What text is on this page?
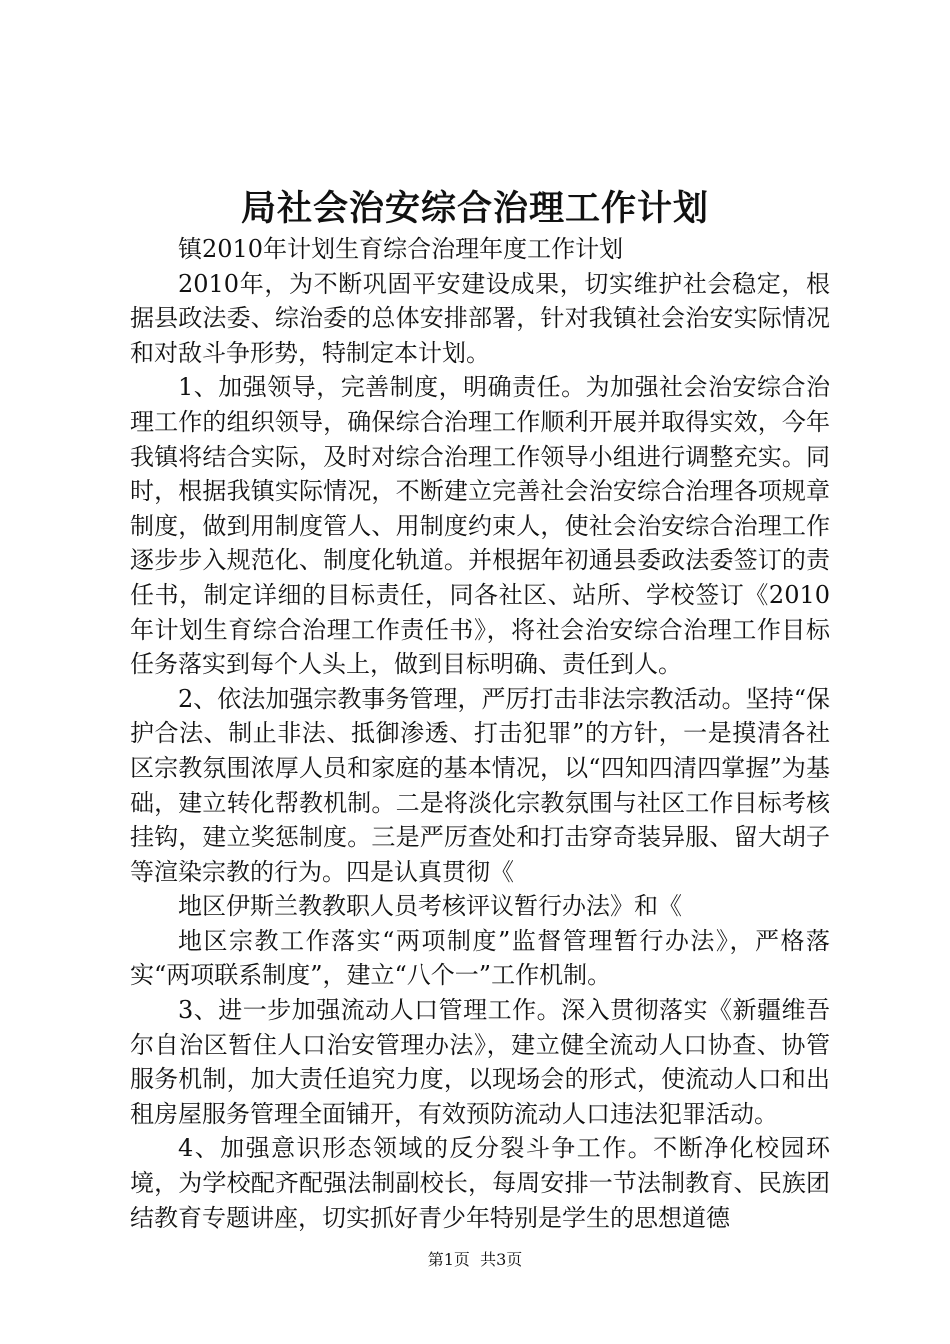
局社会治安综合治理工作计划

镇2010年计划生育综合治理年度工作计划

2010年，为不断巩固平安建设成果，切实维护社会稳定，根据县政法委、综治委的总体安排部署，针对我镇社会治安实际情况和对敌斗争形势，特制定本计划。

1、加强领导，完善制度，明确责任。为加强社会治安综合治理工作的组织领导，确保综合治理工作顺利开展并取得实效，今年我镇将结合实际，及时对综合治理工作领导小组进行调整充实。同时，根据我镇实际情况，不断建立完善社会治安综合治理各项规章制度，做到用制度管人、用制度约束人，使社会治安综合治理工作逐步步入规范化、制度化轨道。并根据年初通县委政法委签订的责任书，制定详细的目标责任，同各社区、站所、学校签订《2010年计划生育综合治理工作责任书》，将社会治安综合治理工作目标任务落实到每个人头上，做到目标明确、责任到人。

2、依法加强宗教事务管理，严厉打击非法宗教活动。坚持“保护合法、制止非法、抵御渗透、打击犯罪”的方针，一是摸清各社区宗教氛围浓厚人员和家庭的基本情况，以“四知四清四掌握”为基础，建立转化帮教机制。二是将淡化宗教氛围与社区工作目标考核挂钩，建立奖惩制度。三是严厉查处和打击穿奇装异服、留大胡子等渲染宗教的行为。四是认真贯彻《

地区伊斯兰教教职人员考核评议暂行办法》和《

地区宗教工作落实“两项制度”监督管理暂行办法》，严格落实“两项联系制度”，建立“八个一”工作机制。

3、进一步加强流动人口管理工作。深入贯彻落实《新疆维吾尔自治区暂住人口治安管理办法》，建立健全流动人口协查、协管服务机制，加大责任追究力度，以现场会的形式，使流动人口和出租房屋服务管理全面铺开，有效预防流动人口违法犯罪活动。

4、加强意识形态领域的反分裂斗争工作。不断净化校园环境，为学校配齐配强法制副校长，每周安排一节法制教育、民族团结教育专题讲座，切实抓好青少年特别是学生的思想道德

第1页 共3页
